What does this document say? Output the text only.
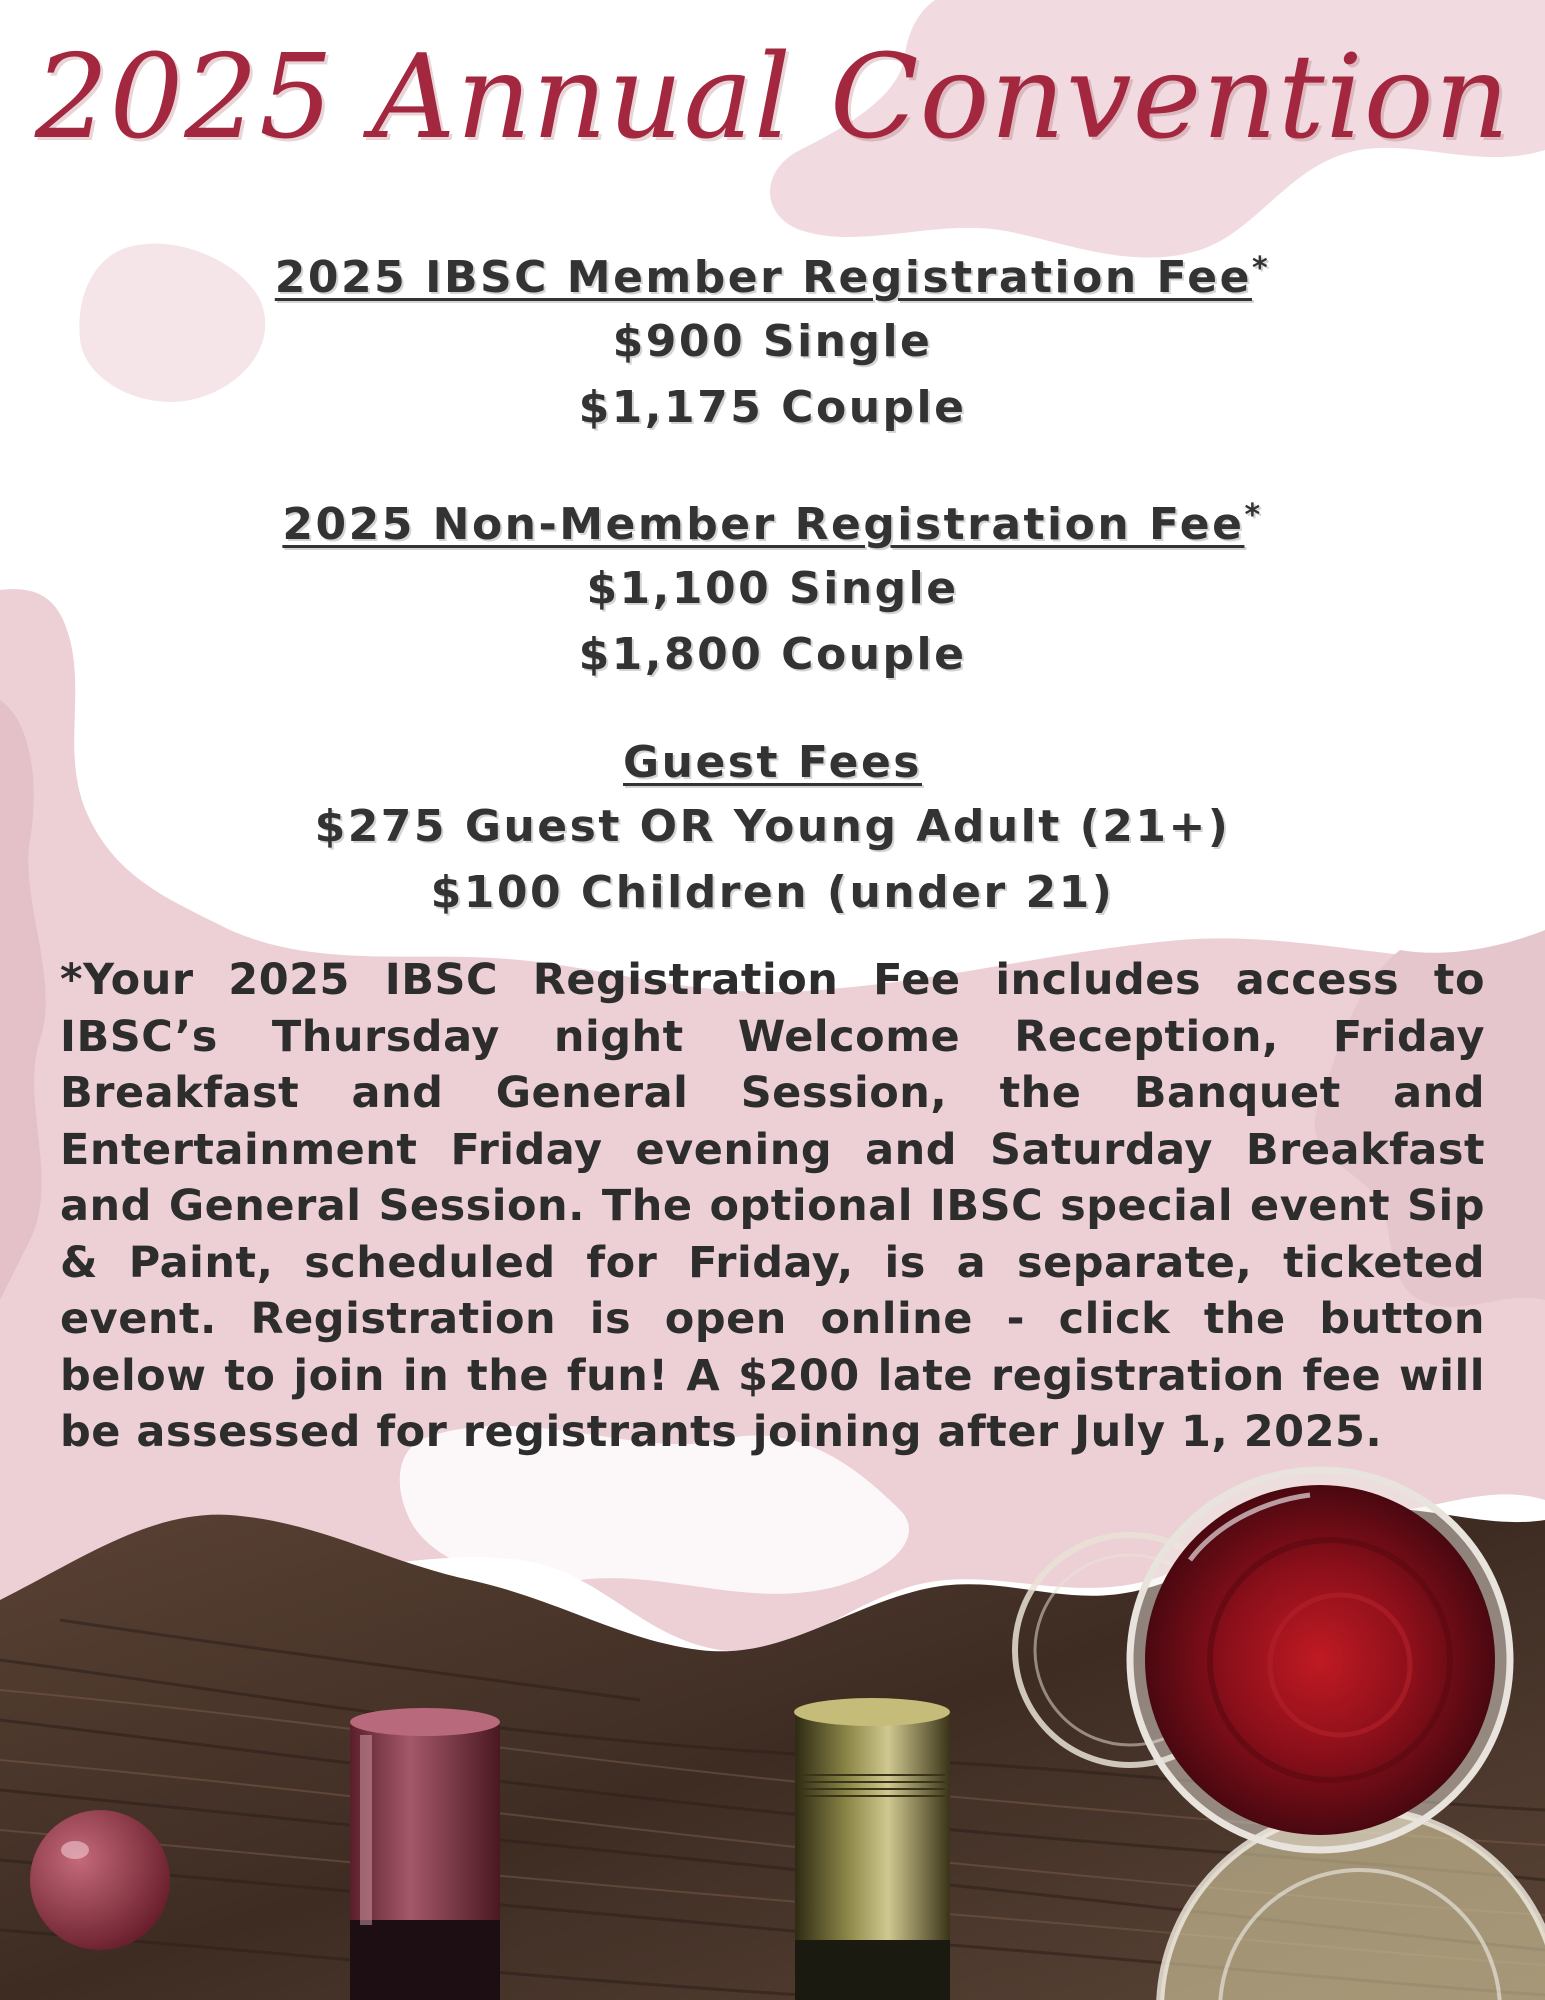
2025 Annual Convention
2025 IBSC Member Registration Fee*
$900 Single
$1,175 Couple
2025 Non-Member Registration Fee*
$1,100 Single
$1,800 Couple
Guest Fees
$275 Guest OR Young Adult (21+)
$100 Children (under 21)
*Your 2025 IBSC Registration Fee includes access to IBSC’s Thursday night Welcome Reception, Friday Breakfast and General Session, the Banquet and Entertainment Friday evening and Saturday Breakfast and General Session. The optional IBSC special event Sip & Paint, scheduled for Friday, is a separate, ticketed event. Registration is open online - click the button below to join in the fun! A $200 late registration fee will be assessed for registrants joining after July 1, 2025.
